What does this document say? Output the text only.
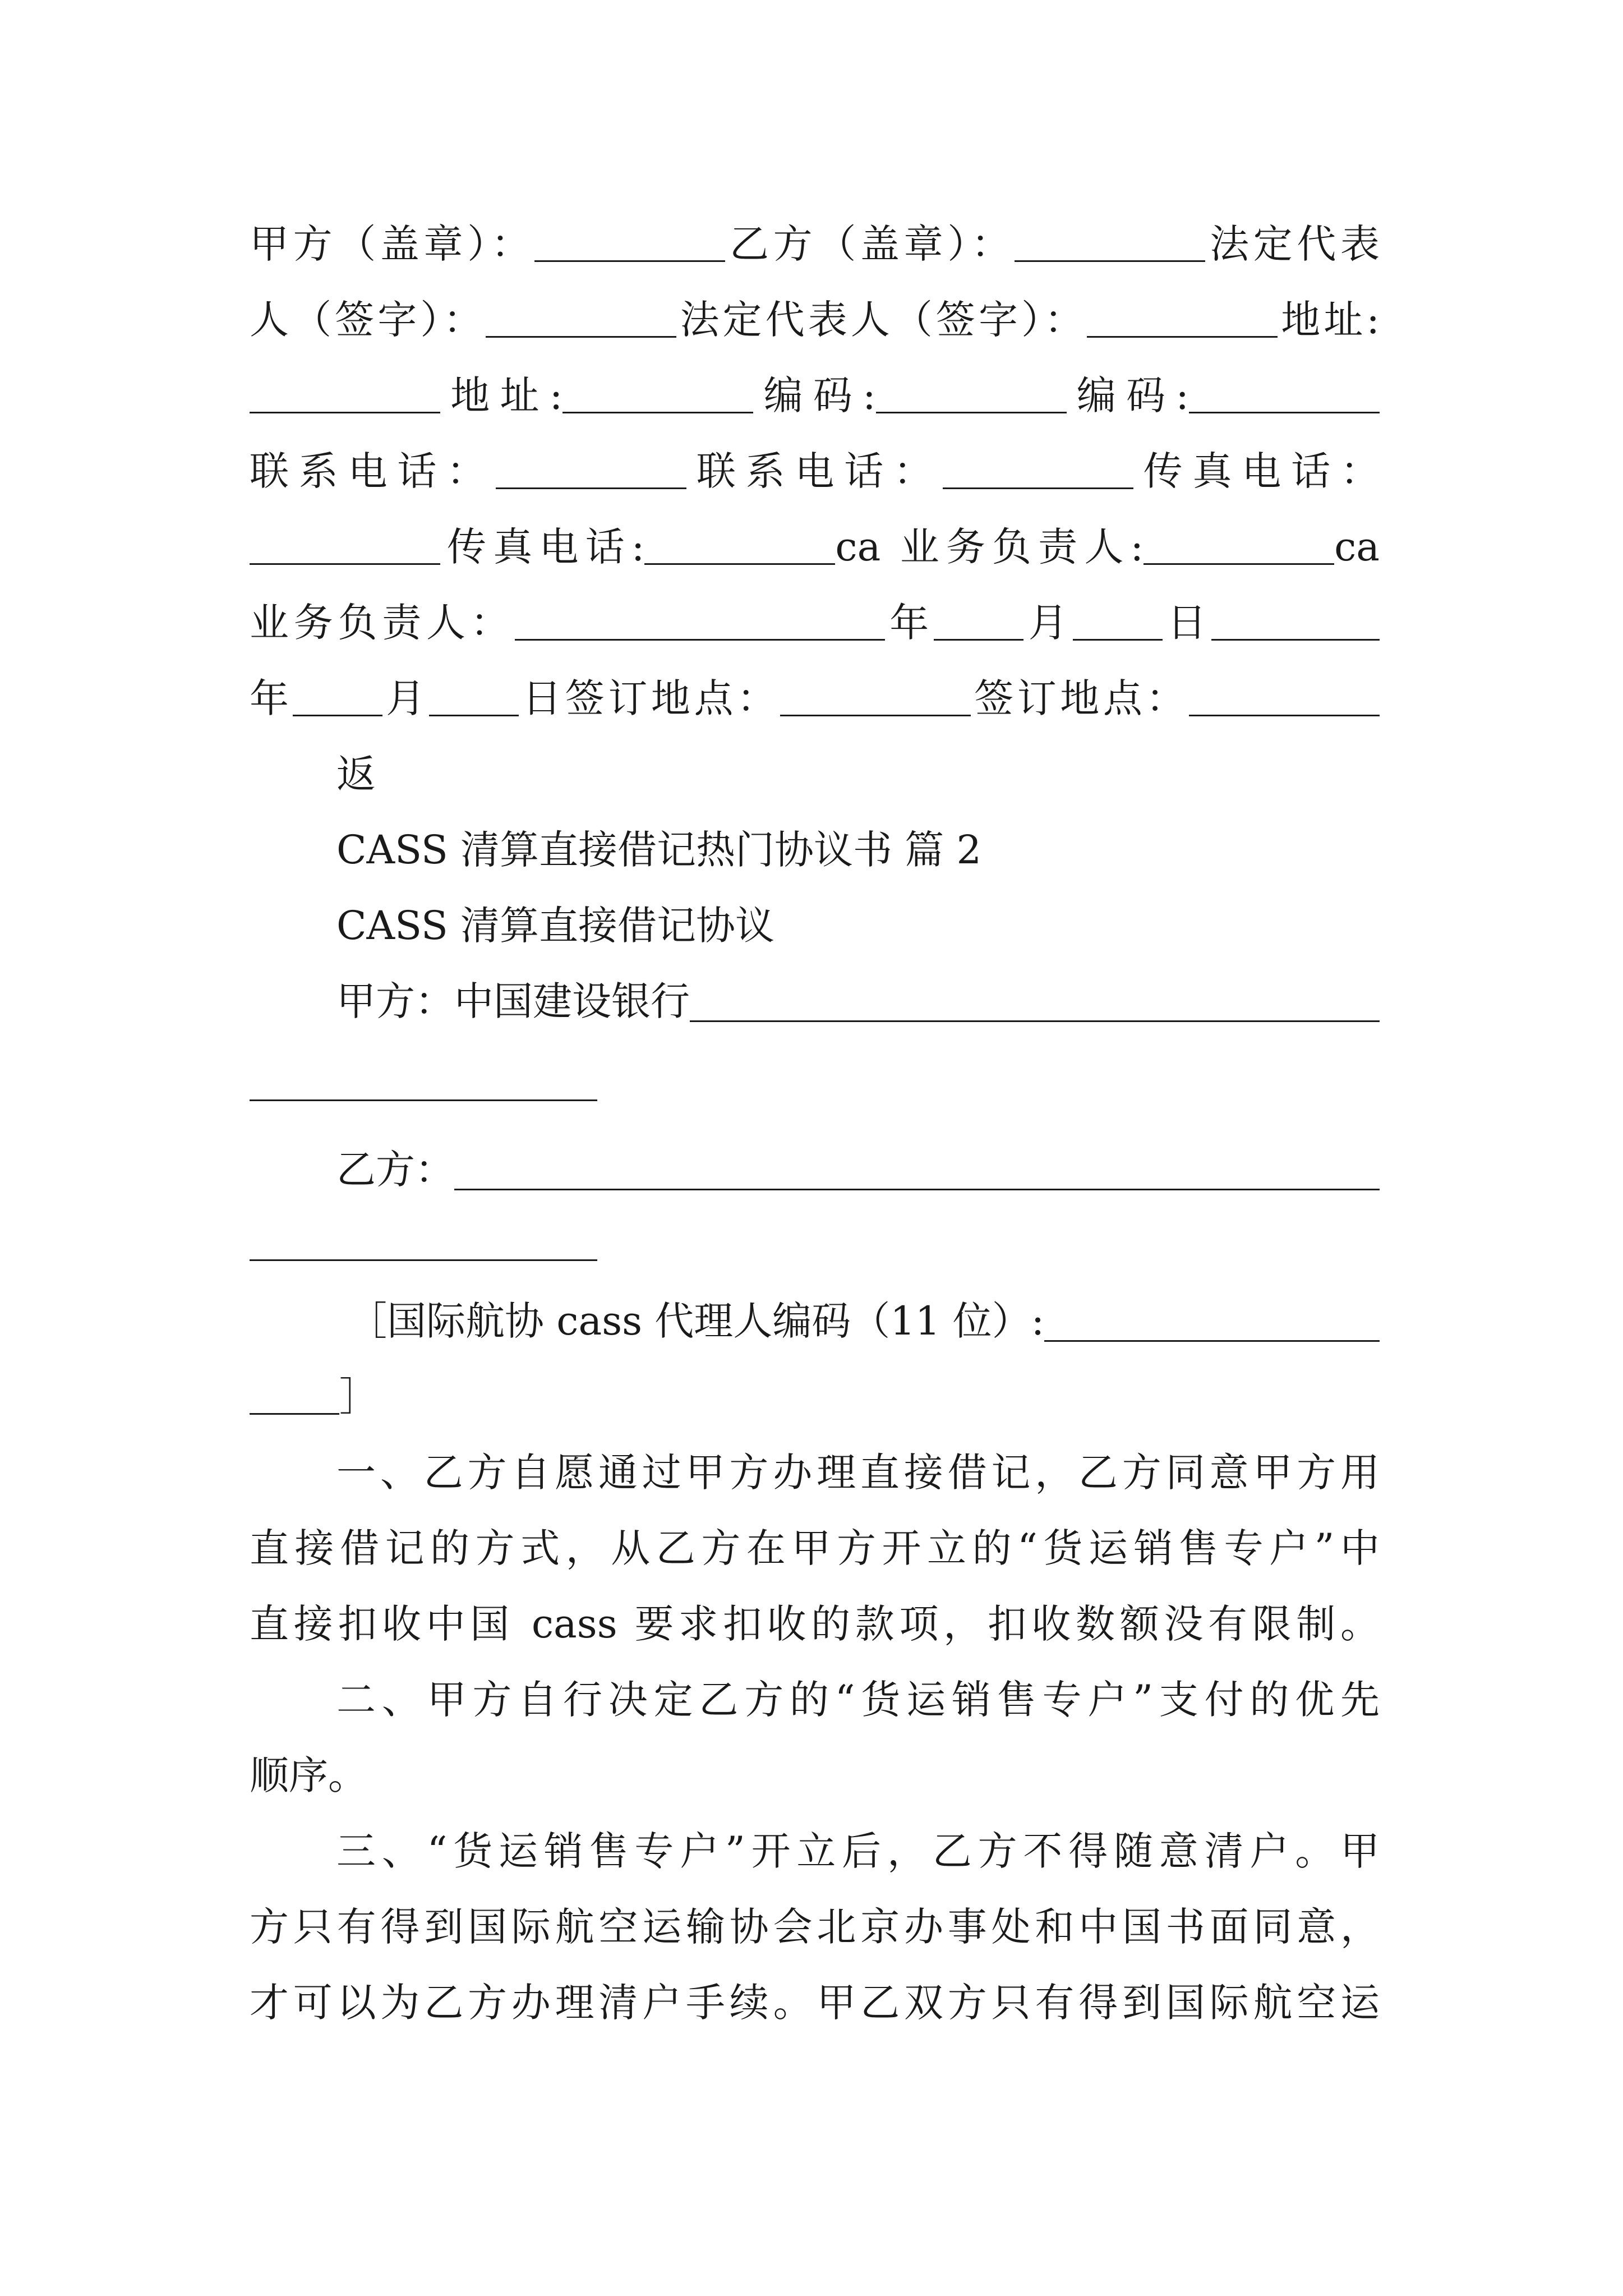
甲方（盖章）：	乙方（盖章）：	法定代表
人（签字）：	法定代表人（签字）：	地址:
地址:	编码:	编码:
联系电话：	联系电话：	传真电话：
传真电话:	ca 业务负责人:	ca
业务负责人：	年 月 日
年 月 日签订地点：	签订地点：
返
CASS 清算直接借记热门协议书 篇 2
CASS 清算直接借记协议
甲方：中国建设银行
乙方：
［国际航协 cass 代理人编码（11 位）:
］
一、乙方自愿通过甲方办理直接借记，乙方同意甲方用
直接借记的方式，从乙方在甲方开立的“货运销售专户”中
直接扣收中国 cass 要求扣收的款项，扣收数额没有限制。
二、甲方自行决定乙方的“货运销售专户”支付的优先
顺序。
三、“货运销售专户”开立后，乙方不得随意清户。甲
方只有得到国际航空运输协会北京办事处和中国书面同意，
才可以为乙方办理清户手续。甲乙双方只有得到国际航空运
